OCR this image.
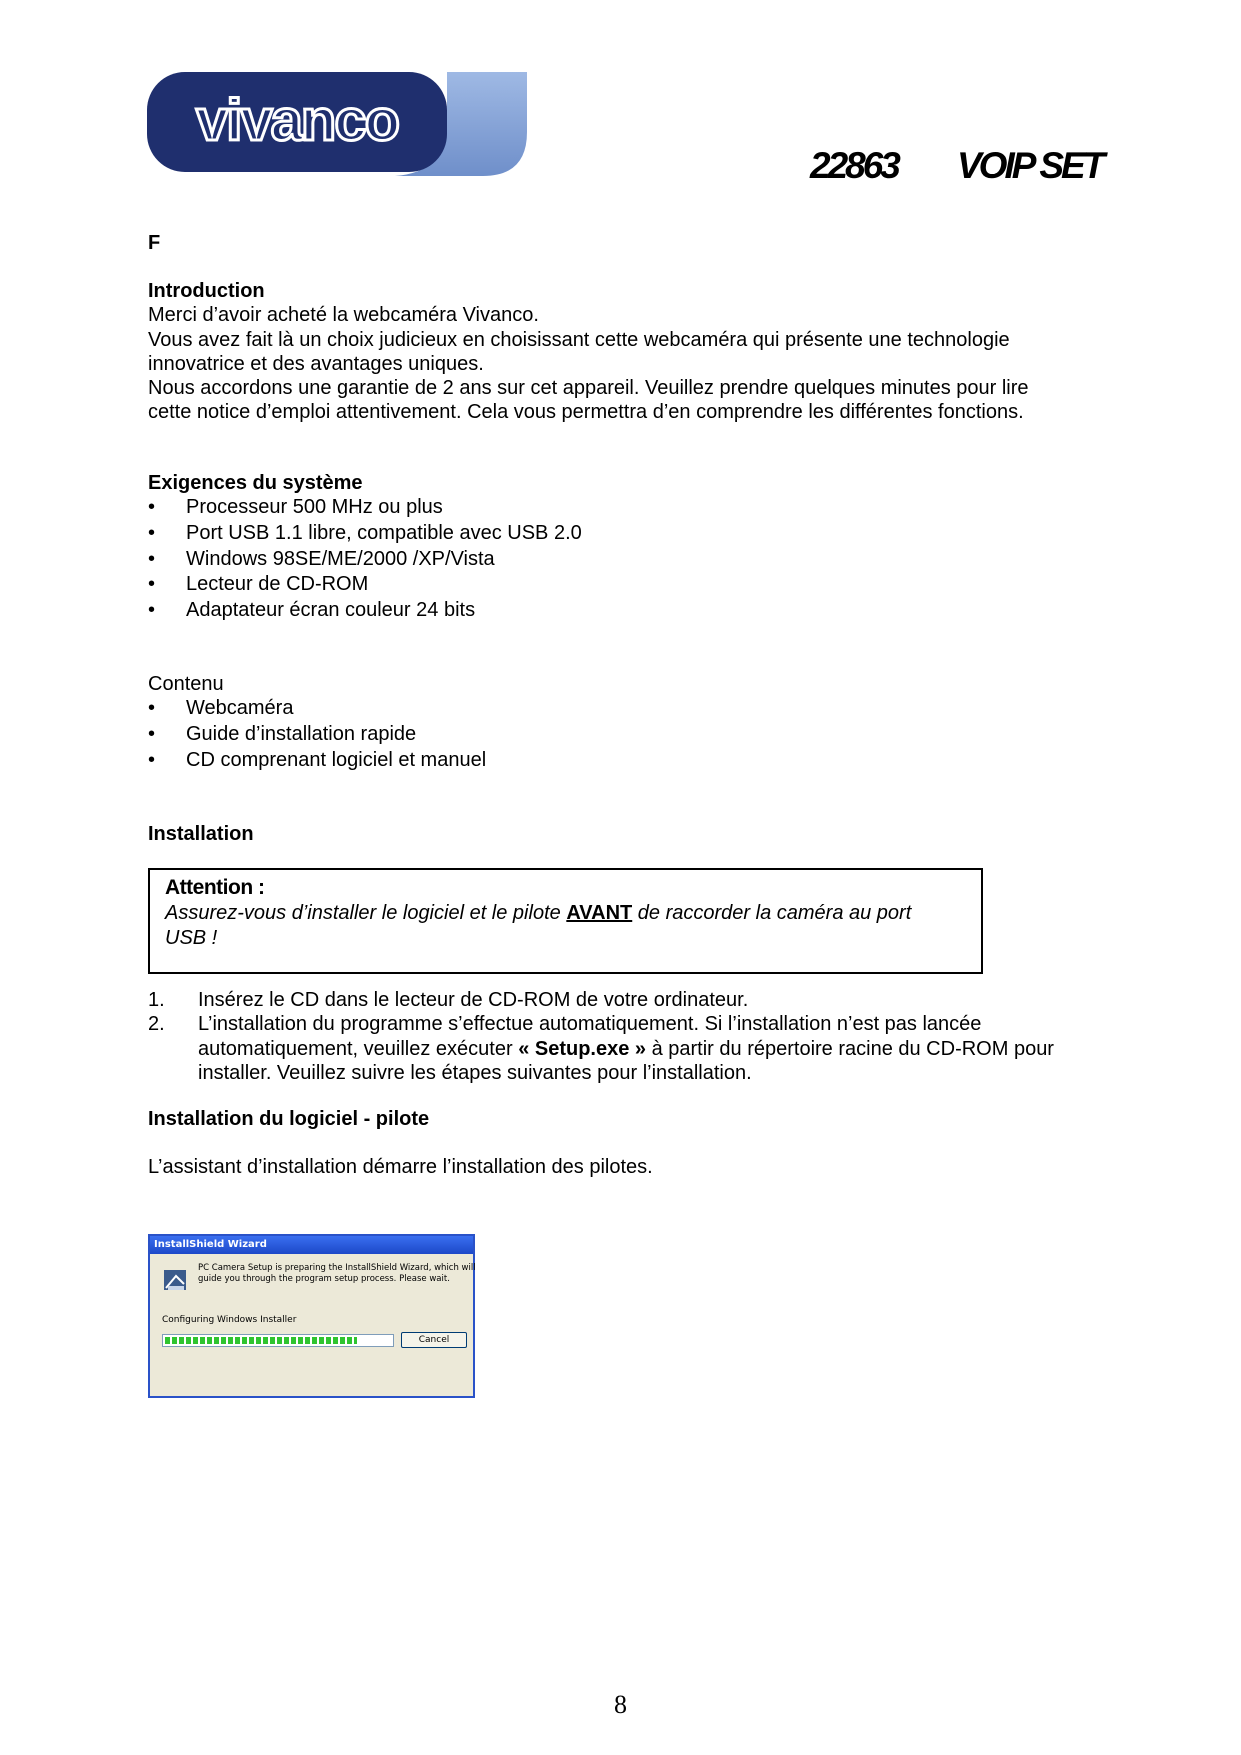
vivanco
22863 VOIP SET
F
Introduction
Merci d’avoir acheté la webcaméra Vivanco.
Vous avez fait là un choix judicieux en choisissant cette webcaméra qui présente une technologie
innovatrice et des avantages uniques.
Nous accordons une garantie de 2 ans sur cet appareil. Veuillez prendre quelques minutes pour lire
cette notice d’emploi attentivement. Cela vous permettra d’en comprendre les différentes fonctions.
Exigences du système
• Processeur 500 MHz ou plus
• Port USB 1.1 libre, compatible avec USB 2.0
• Windows 98SE/ME/2000 /XP/Vista
• Lecteur de CD-ROM
• Adaptateur écran couleur 24 bits
Contenu
• Webcaméra
• Guide d’installation rapide
• CD comprenant logiciel et manuel
Installation
Attention :
Assurez-vous d’installer le logiciel et le pilote AVANT de raccorder la caméra au port
USB !
1. Insérez le CD dans le lecteur de CD-ROM de votre ordinateur.
2. L’installation du programme s’effectue automatiquement. Si l’installation n’est pas lancée
automatiquement, veuillez exécuter « Setup.exe » à partir du répertoire racine du CD-ROM pour
installer. Veuillez suivre les étapes suivantes pour l’installation.
Installation du logiciel - pilote
L’assistant d’installation démarre l’installation des pilotes.
InstallShield Wizard
PC Camera Setup is preparing the InstallShield Wizard, which will
guide you through the program setup process. Please wait.
Configuring Windows Installer
Cancel
8
